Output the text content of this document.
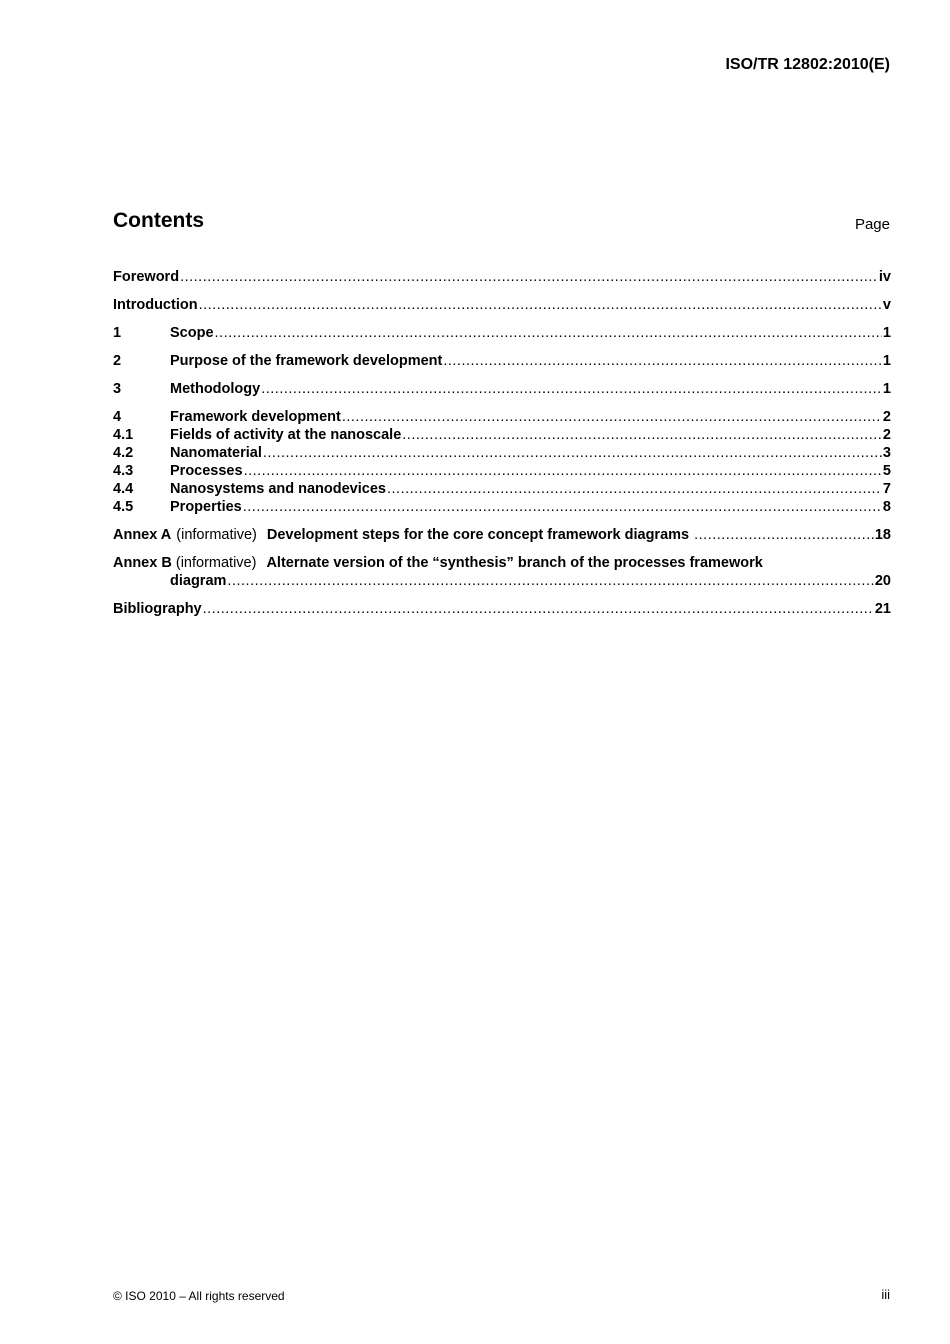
ISO/TR 12802:2010(E)
Contents	Page
Foreword .....	iv
Introduction .....	v
1	Scope .....	1
2	Purpose of the framework development .....	1
3	Methodology .....	1
4	Framework development .....	2
4.1	Fields of activity at the nanoscale .....	2
4.2	Nanomaterial .....	3
4.3	Processes .....	5
4.4	Nanosystems and nanodevices .....	7
4.5	Properties .....	8
Annex A (informative) Development steps for the core concept framework diagrams .....	18
Annex B (informative) Alternate version of the “synthesis” branch of the processes framework
diagram .....	20
Bibliography .....	21
© ISO 2010 – All rights reserved	iii
